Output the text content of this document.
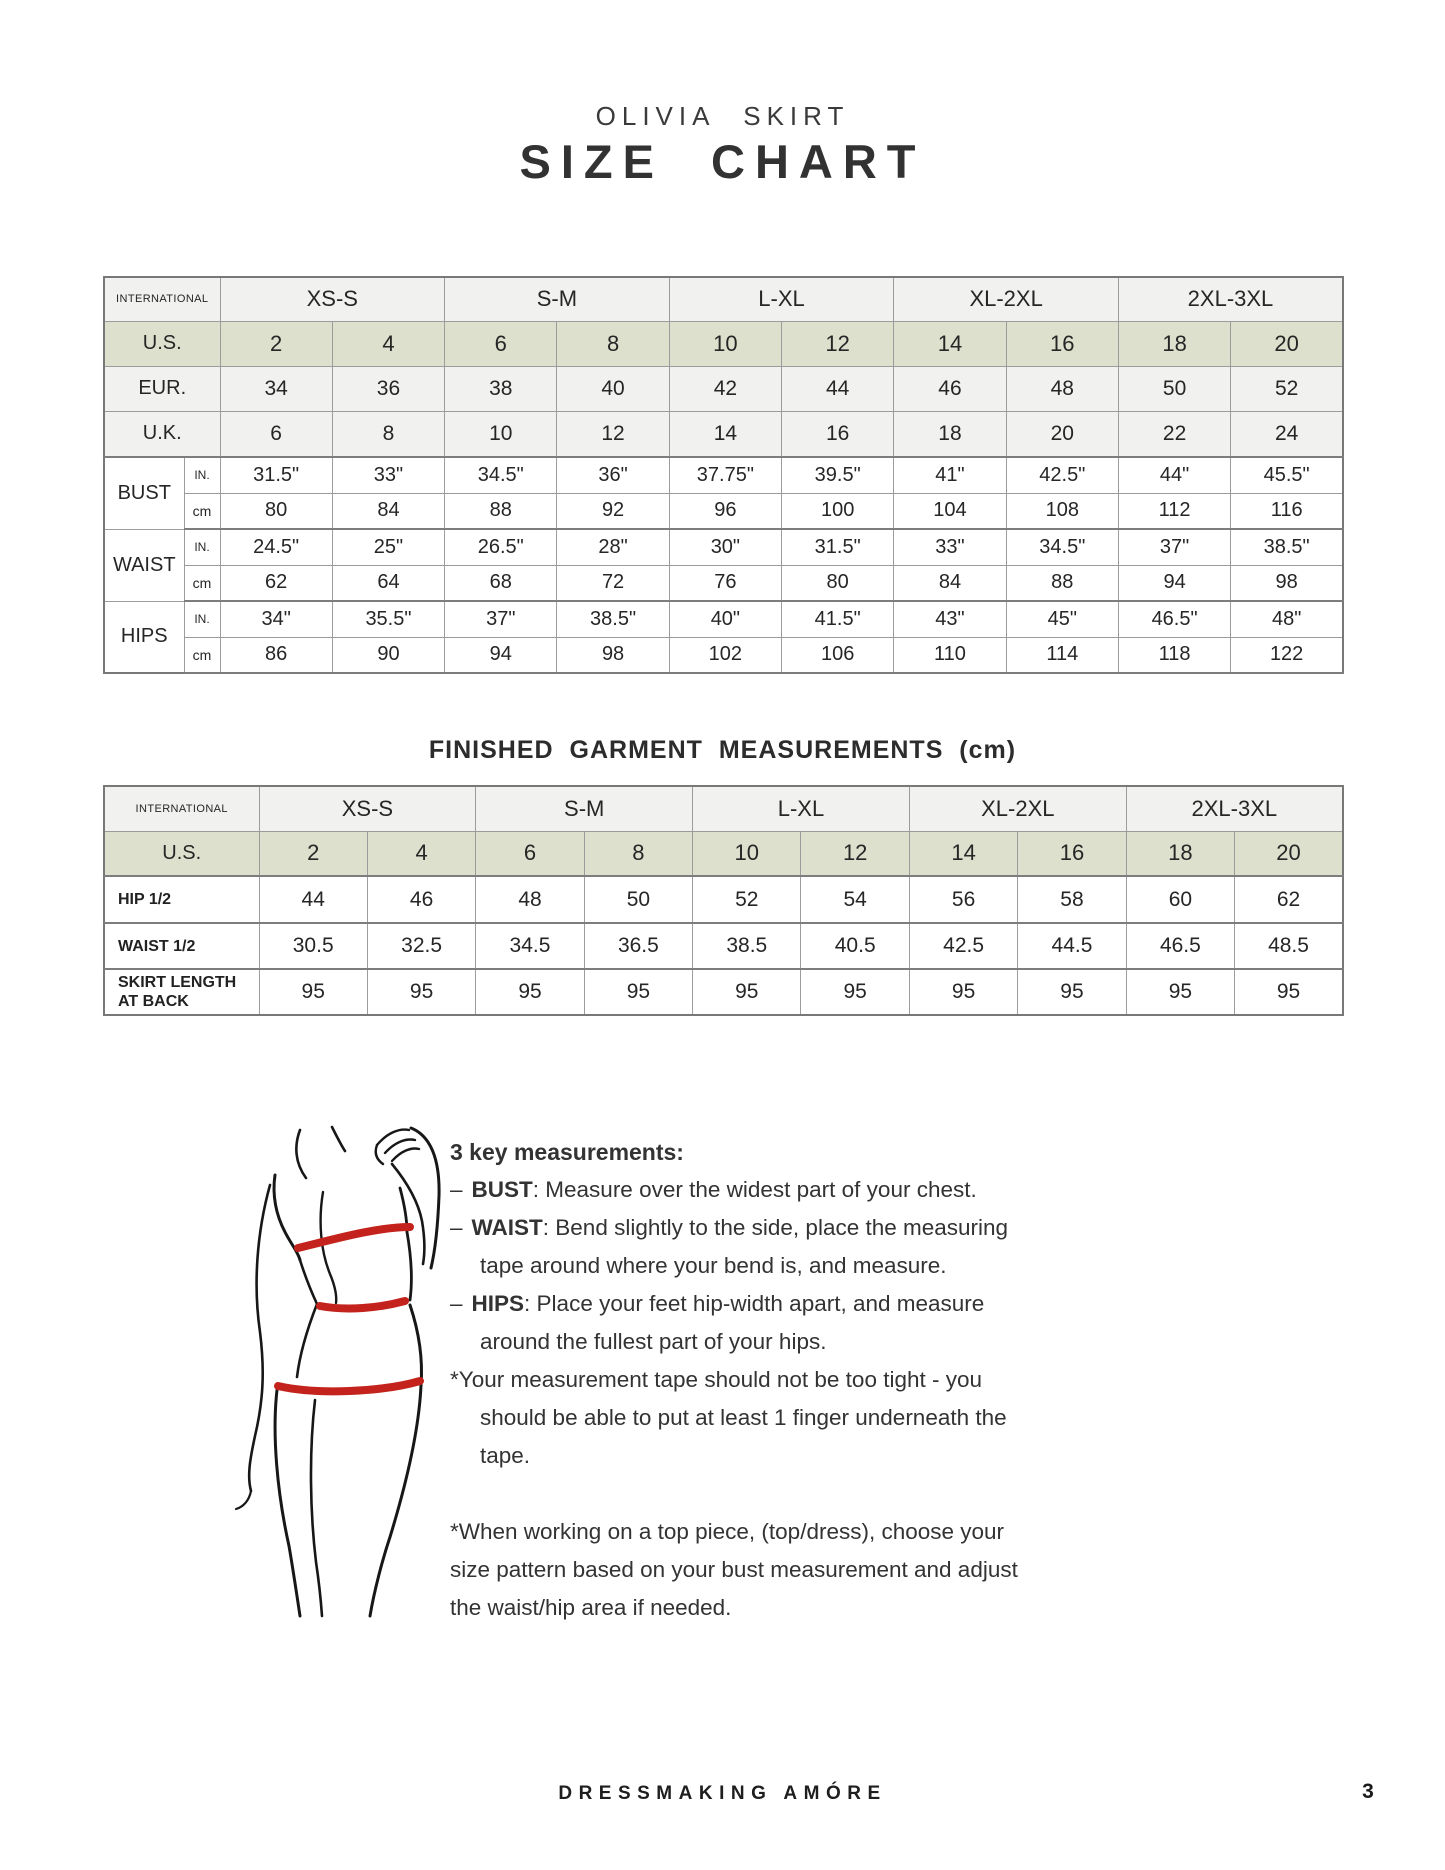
OLIVIA SKIRT
SIZE CHART
INTERNATIONAL		XS-S		S-M		L-XL		XL-2XL		2XL-3XL	
U.S.		2	4	6	8	10	12	14	16	18	20
EUR.		34	36	38	40	42	44	46	48	50	52
U.K.		6	8	10	12	14	16	18	20	22	24
BUST	IN.	31.5"	33"	34.5"	36"	37.75"	39.5"	41"	42.5"	44"	45.5"
	cm	80	84	88	92	96	100	104	108	112	116
WAIST	IN.	24.5"	25"	26.5"	28"	30"	31.5"	33"	34.5"	37"	38.5"
	cm	62	64	68	72	76	80	84	88	94	98
HIPS	IN.	34"	35.5"	37"	38.5"	40"	41.5"	43"	45"	46.5"	48"
	cm	86	90	94	98	102	106	110	114	118	122
FINISHED GARMENT MEASUREMENTS (cm)
INTERNATIONAL	XS-S		S-M		L-XL		XL-2XL		2XL-3XL	
U.S.	2	4	6	8	10	12	14	16	18	20
HIP 1/2	44	46	48	50	52	54	56	58	60	62
WAIST 1/2	30.5	32.5	34.5	36.5	38.5	40.5	42.5	44.5	46.5	48.5
SKIRT LENGTH AT BACK	95	95	95	95	95	95	95	95	95	95
3 key measurements:
– BUST: Measure over the widest part of your chest.
– WAIST: Bend slightly to the side, place the measuring tape around where your bend is, and measure.
– HIPS: Place your feet hip-width apart, and measure around the fullest part of your hips.
*Your measurement tape should not be too tight - you should be able to put at least 1 finger underneath the tape.
*When working on a top piece, (top/dress), choose your size pattern based on your bust measurement and adjust the waist/hip area if needed.
DRESSMAKING AMÓRE	3
